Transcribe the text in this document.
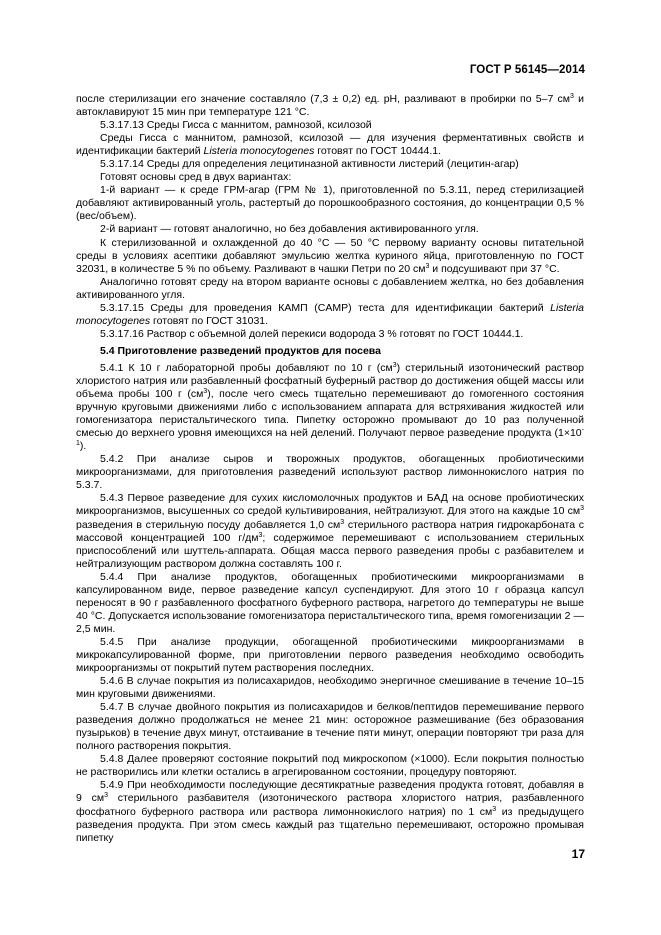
ГОСТ Р 56145—2014

после стерилизации его значение составляло (7,3 ± 0,2) ед. pH, разливают в пробирки по 5–7 $см^3$ и автоклавируют 15 мин при температуре 121 °С.

5.3.17.13 Среды Гисса с маннитом, рамнозой, ксилозой

Среды Гисса с маннитом, рамнозой, ксилозой — для изучения ферментативных свойств и идентификации бактерий Listeria monocytogenes готовят по ГОСТ 10444.1.

5.3.17.14 Среды для определения лецитиназной активности листерий (лецитин-агар)

Готовят основы сред в двух вариантах:

1-й вариант — к среде ГРМ-агар (ГРМ № 1), приготовленной по 5.3.11, перед стерилизацией добавляют активированный уголь, растертый до порошкообразного состояния, до концентрации 0,5 % (вес/объем).

2-й вариант — готовят аналогично, но без добавления активированного угля.

К стерилизованной и охлажденной до 40 °С — 50 °С первому варианту основы питательной среды в условиях асептики добавляют эмульсию желтка куриного яйца, приготовленную по ГОСТ 32031, в количестве 5 % по объему. Разливают в чашки Петри по 20 $см^3$ и подсушивают при 37 °С.

Аналогично готовят среду на втором варианте основы с добавлением желтка, но без добавления активированного угля.

5.3.17.15 Среды для проведения КАМП (CAMP) теста для идентификации бактерий Listeria monocytogenes готовят по ГОСТ 31031.

5.3.17.16 Раствор с объемной долей перекиси водорода 3 % готовят по ГОСТ 10444.1.

5.4 Приготовление разведений продуктов для посева

5.4.1 К 10 г лабораторной пробы добавляют по 10 г $(см^3)$ стерильный изотонический раствор хлористого натрия или разбавленный фосфатный буферный раствор до достижения общей массы или объема пробы 100 г $(см^3)$, после чего смесь тщательно перемешивают до гомогенного состояния вручную круговыми движениями либо с использованием аппарата для встряхивания жидкостей или гомогенизатора перистальтического типа. Пипетку осторожно промывают до 10 раз полученной смесью до верхнего уровня имеющихся на ней делений. Получают первое разведение продукта $(1\times 10^{-1})$.

5.4.2 При анализе сыров и творожных продуктов, обогащенных пробиотическими микроорганизмами, для приготовления разведений используют раствор лимоннокислого натрия по 5.3.7.

5.4.3 Первое разведение для сухих кисломолочных продуктов и БАД на основе пробиотических микроорганизмов, высушенных со средой культивирования, нейтрализуют. Для этого на каждые 10 $см^3$ разведения в стерильную посуду добавляется 1,0 $см^3$ стерильного раствора натрия гидрокарбоната с массовой концентрацией 100 $г/дм^3$; содержимое перемешивают с использованием стерильных приспособлений или шуттель-аппарата. Общая масса первого разведения пробы с разбавителем и нейтрализующим раствором должна составлять 100 г.

5.4.4 При анализе продуктов, обогащенных пробиотическими микроорганизмами в капсулированном виде, первое разведение капсул суспендируют. Для этого 10 г образца капсул переносят в 90 г разбавленного фосфатного буферного раствора, нагретого до температуры не выше 40 °С. Допускается использование гомогенизатора перистальтического типа, время гомогенизации 2 — 2,5 мин.

5.4.5 При анализе продукции, обогащенной пробиотическими микроорганизмами в микрокапсулированной форме, при приготовлении первого разведения необходимо освободить микроорганизмы от покрытий путем растворения последних.

5.4.6 В случае покрытия из полисахаридов, необходимо энергичное смешивание в течение 10–15 мин круговыми движениями.

5.4.7 В случае двойного покрытия из полисахаридов и белков/пептидов перемешивание первого разведения должно продолжаться не менее 21 мин: осторожное размешивание (без образования пузырьков) в течение двух минут, отстаивание в течение пяти минут, операции повторяют три раза для полного растворения покрытия.

5.4.8 Далее проверяют состояние покрытий под микроскопом (×1000). Если покрытия полностью не растворились или клетки остались в агрегированном состоянии, процедуру повторяют.

5.4.9 При необходимости последующие десятикратные разведения продукта готовят, добавляя в 9 $см^3$ стерильного разбавителя (изотонического раствора хлористого натрия, разбавленного фосфатного буферного раствора или раствора лимоннокислого натрия) по 1 $см^3$ из предыдущего разведения продукта. При этом смесь каждый раз тщательно перемешивают, осторожно промывая пипетку

17
